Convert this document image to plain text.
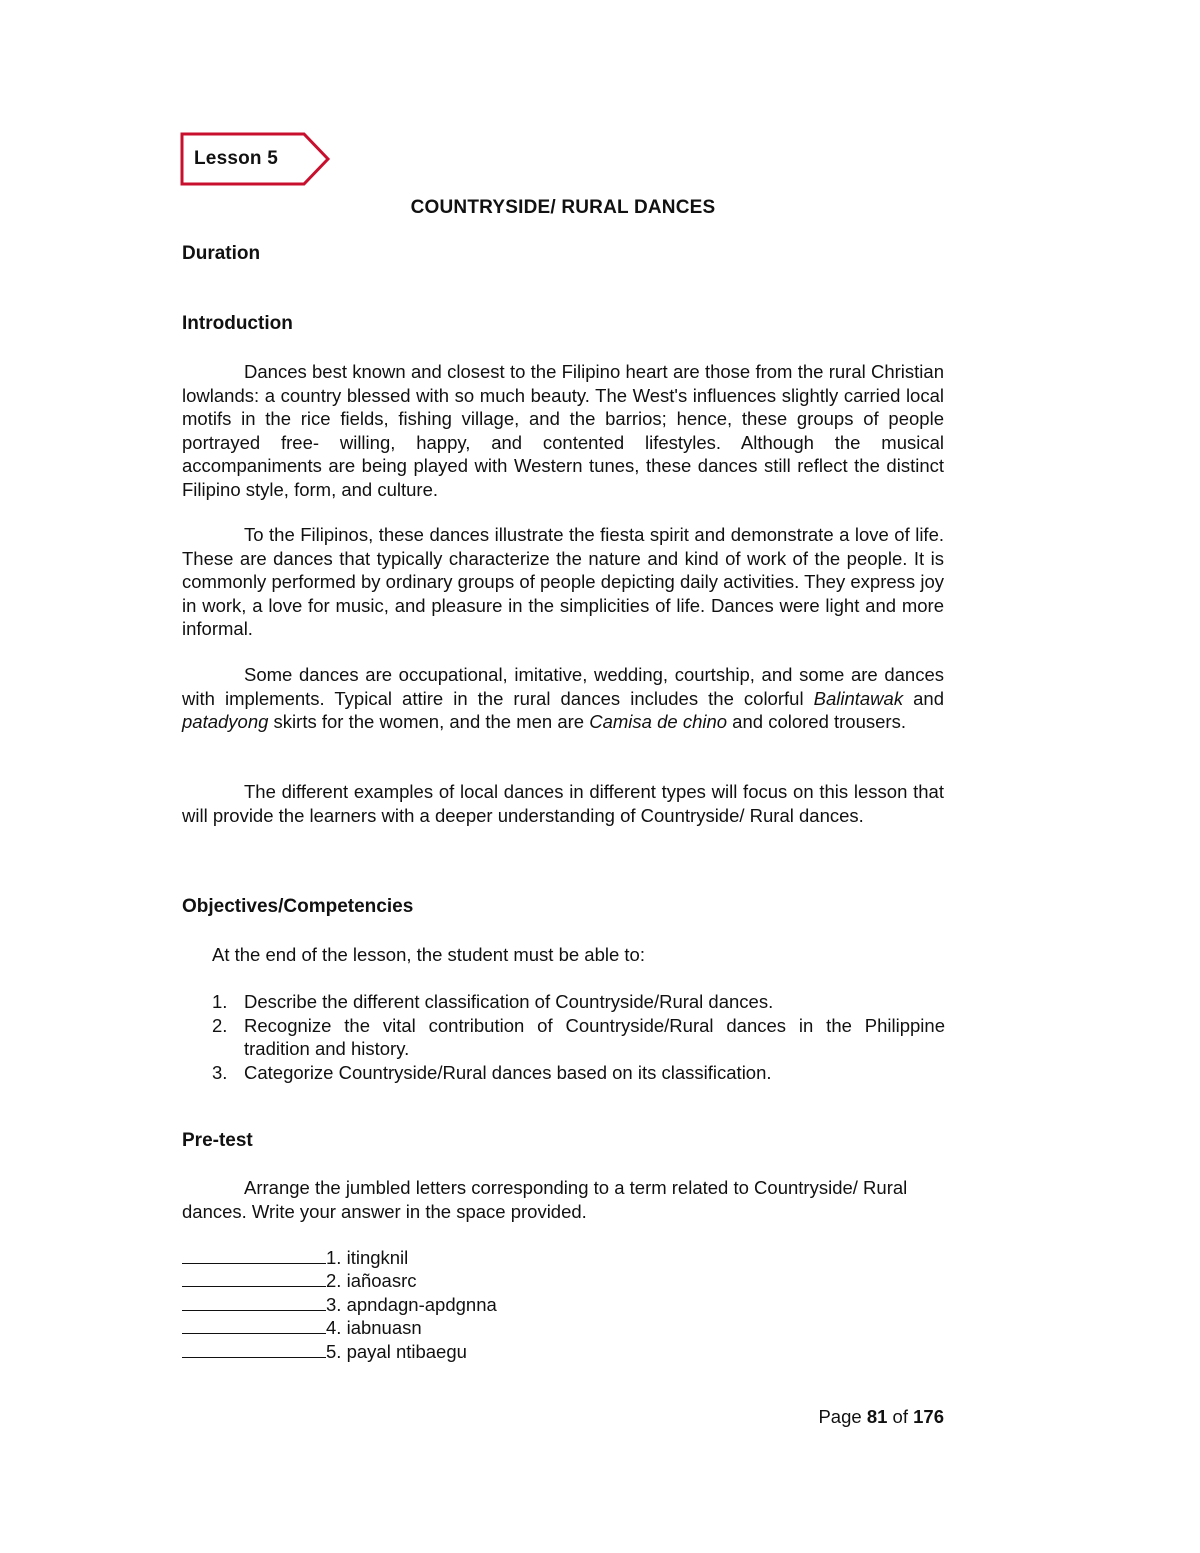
Lesson 5
COUNTRYSIDE/ RURAL DANCES
Duration
Introduction

Dances best known and closest to the Filipino heart are those from the rural Christian lowlands: a country blessed with so much beauty. The West's influences slightly carried local motifs in the rice fields, fishing village, and the barrios; hence, these groups of people portrayed free- willing, happy, and contented lifestyles. Although the musical accompaniments are being played with Western tunes, these dances still reflect the distinct Filipino style, form, and culture.

To the Filipinos, these dances illustrate the fiesta spirit and demonstrate a love of life. These are dances that typically characterize the nature and kind of work of the people. It is commonly performed by ordinary groups of people depicting daily activities. They express joy in work, a love for music, and pleasure in the simplicities of life. Dances were light and more informal.

Some dances are occupational, imitative, wedding, courtship, and some are dances with implements. Typical attire in the rural dances includes the colorful Balintawak and patadyong skirts for the women, and the men are Camisa de chino and colored trousers.

The different examples of local dances in different types will focus on this lesson that will provide the learners with a deeper understanding of Countryside/ Rural dances.

Objectives/Competencies

At the end of the lesson, the student must be able to:

1. Describe the different classification of Countryside/Rural dances.
2. Recognize the vital contribution of Countryside/Rural dances in the Philippine tradition and history.
3. Categorize Countryside/Rural dances based on its classification.
Pre-test

Arrange the jumbled letters corresponding to a term related to Countryside/ Rural dances. Write your answer in the space provided.

1. itingknil
2. iañoasrc
3. apndagn-apdgnna
4. iabnuasn
5. payal ntibaegu
Page 81 of 176
